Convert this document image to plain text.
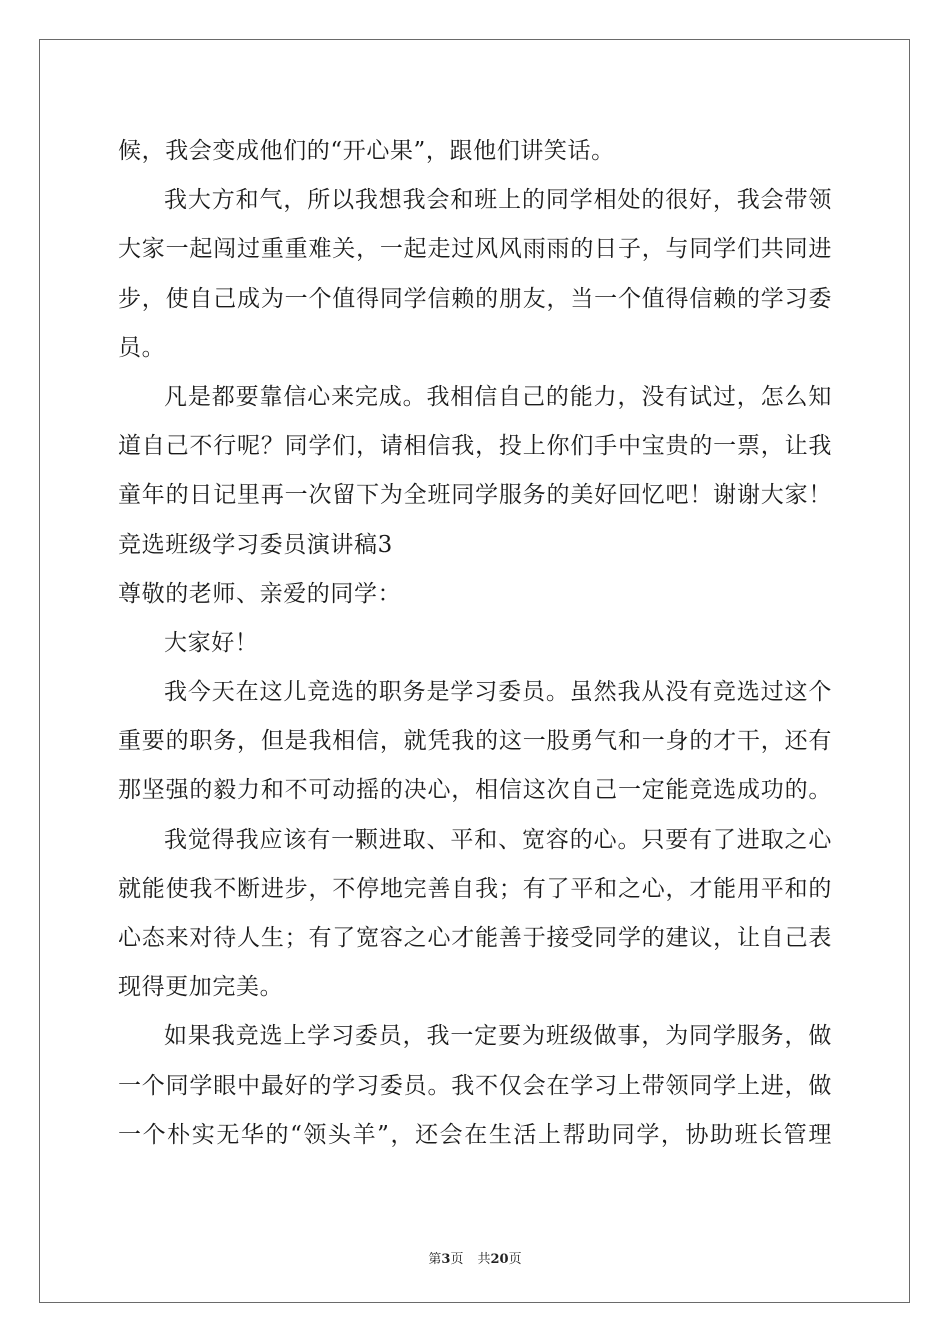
候，我会变成他们的“开心果”，跟他们讲笑话。
我大方和气，所以我想我会和班上的同学相处的很好，我会带领
大家一起闯过重重难关，一起走过风风雨雨的日子，与同学们共同进
步，使自己成为一个值得同学信赖的朋友，当一个值得信赖的学习委
员。
凡是都要靠信心来完成。我相信自己的能力，没有试过，怎么知
道自己不行呢？同学们，请相信我，投上你们手中宝贵的一票，让我
童年的日记里再一次留下为全班同学服务的美好回忆吧！谢谢大家！
竞选班级学习委员演讲稿3
尊敬的老师、亲爱的同学：
大家好！
我今天在这儿竞选的职务是学习委员。虽然我从没有竞选过这个
重要的职务，但是我相信，就凭我的这一股勇气和一身的才干，还有
那坚强的毅力和不可动摇的决心，相信这次自己一定能竞选成功的。
我觉得我应该有一颗进取、平和、宽容的心。只要有了进取之心
就能使我不断进步，不停地完善自我；有了平和之心，才能用平和的
心态来对待人生；有了宽容之心才能善于接受同学的建议，让自己表
现得更加完美。
如果我竞选上学习委员，我一定要为班级做事，为同学服务，做
一个同学眼中最好的学习委员。我不仅会在学习上带领同学上进，做
一个朴实无华的“领头羊”，还会在生活上帮助同学，协助班长管理
第3页 共20页
